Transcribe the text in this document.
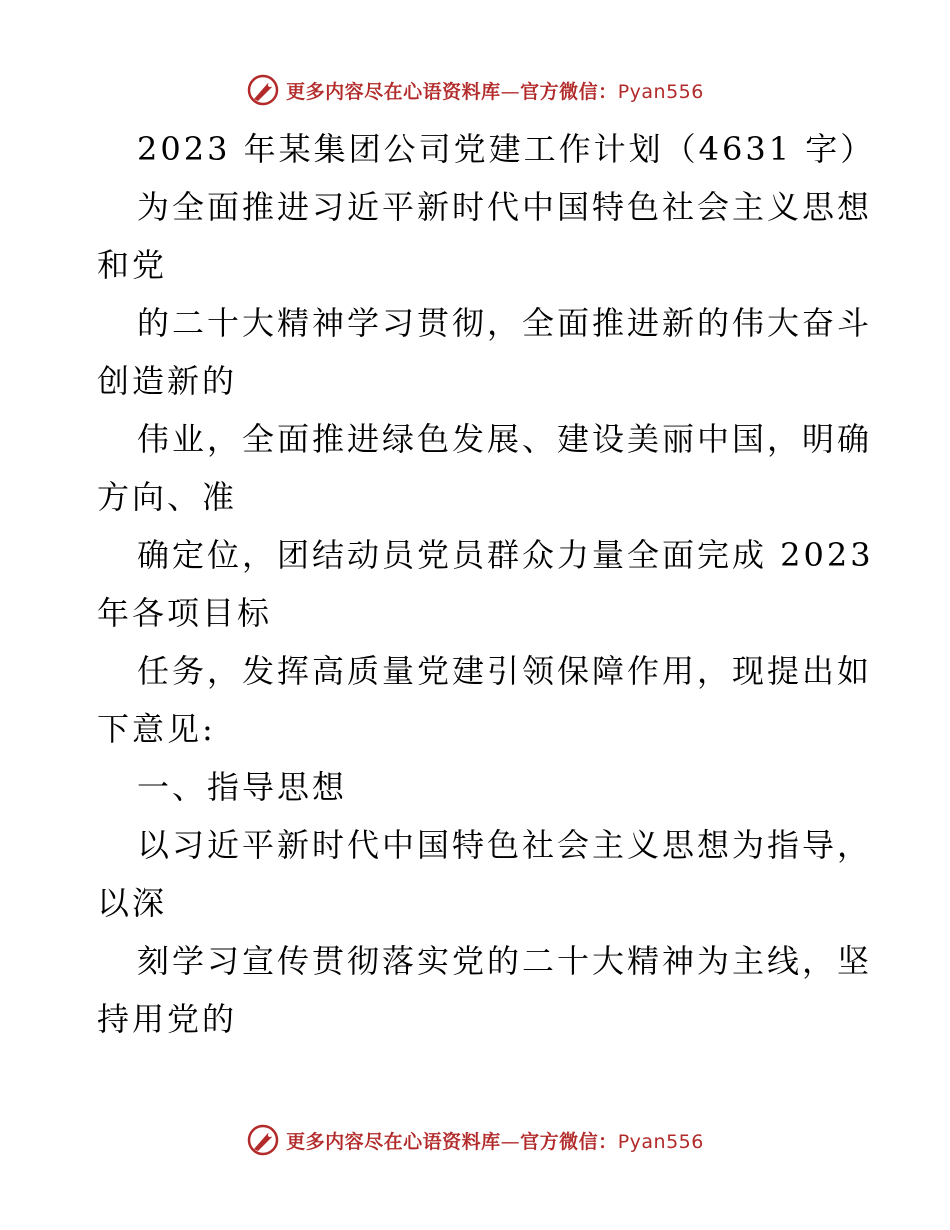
更多内容尽在心语资料库—官方微信：Pyan556
2023 年某集团公司党建工作计划（4631 字）
为全面推进习近平新时代中国特色社会主义思想
和党
的二十大精神学习贯彻，全面推进新的伟大奋斗
创造新的
伟业，全面推进绿色发展、建设美丽中国，明确
方向、准
确定位，团结动员党员群众力量全面完成 2023
年各项目标
任务，发挥高质量党建引领保障作用，现提出如
下意见:
一、指导思想
以习近平新时代中国特色社会主义思想为指导，
以深
刻学习宣传贯彻落实党的二十大精神为主线，坚
持用党的
更多内容尽在心语资料库—官方微信：Pyan556
